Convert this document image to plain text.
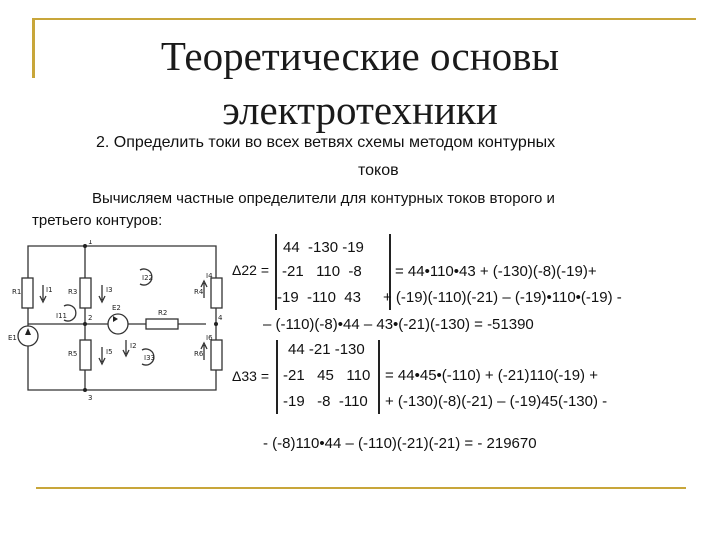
Теоретические основы
электротехники
2. Определить токи во всех ветвях схемы методом контурных
токов
Вычисляем частные определители для контурных токов второго и
третьего контуров:
R1	I1 R3	I3
R5	I5
R4
R6
R2
E1
E2
I2
I4
I6
I11
I22
I33
1
2
3
4
Δ22 =
44  -130 -19
-21   110  -8
-19  -110  43
= 44•110•43 + (-130)(-8)(-19)+
+ (-19)(-110)(-21) – (-19)•110•(-19) -
– (-110)(-8)•44 – 43•(-21)(-130) = -51390
Δ33 =
44 -21 -130
-21   45   110
-19   -8  -110
= 44•45•(-110) + (-21)110(-19) +
+ (-130)(-8)(-21) – (-19)45(-130) -
- (-8)110•44 – (-110)(-21)(-21) = - 219670
